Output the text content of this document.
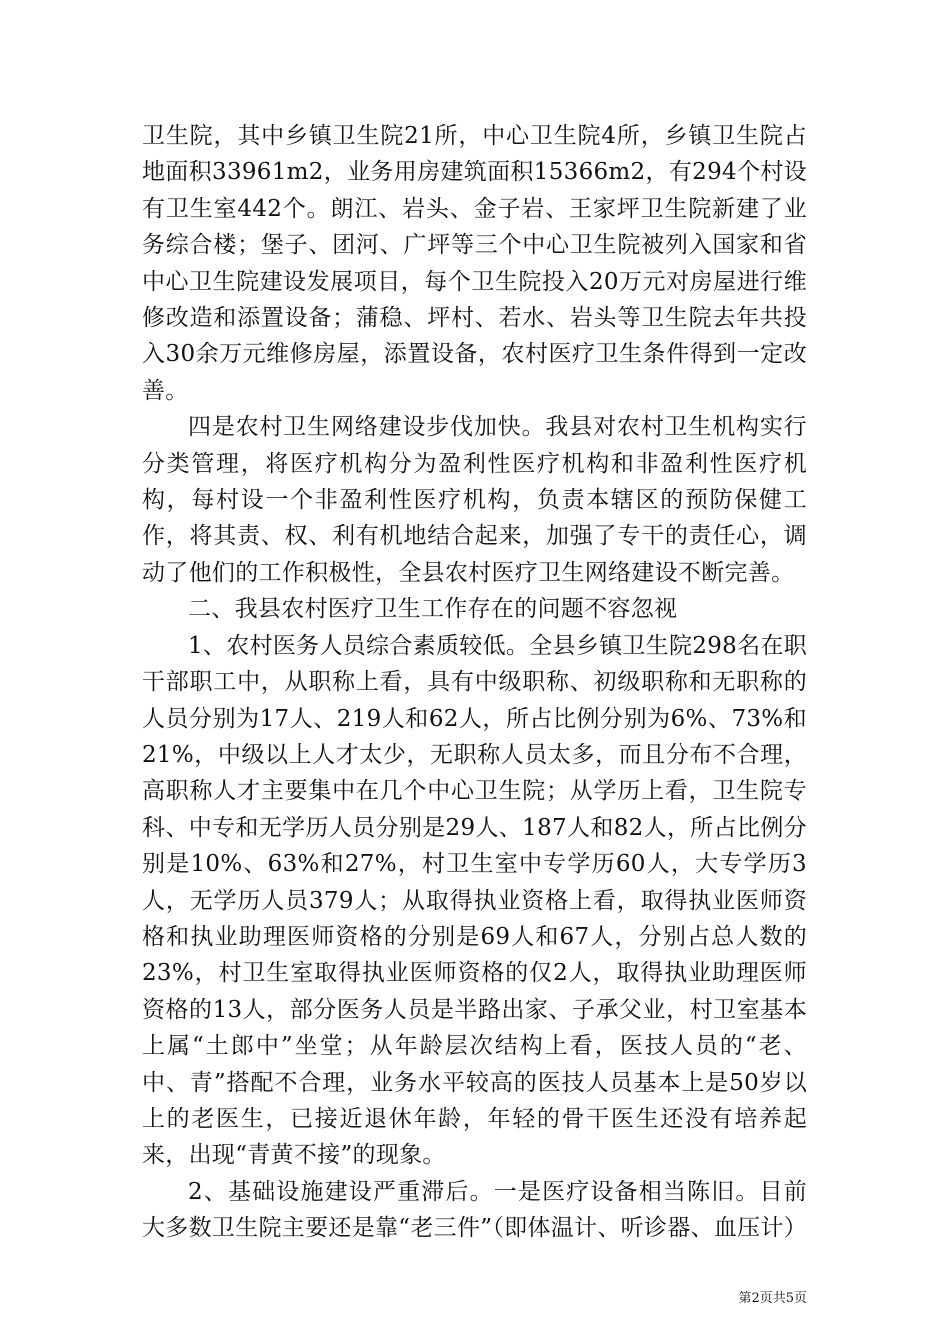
卫生院，其中乡镇卫生院21所，中心卫生院4所，乡镇卫生院占地面积33961m2，业务用房建筑面积15366m2，有294个村设有卫生室442个。朗江、岩头、金子岩、王家坪卫生院新建了业务综合楼；堡子、团河、广坪等三个中心卫生院被列入国家和省中心卫生院建设发展项目，每个卫生院投入20万元对房屋进行维修改造和添置设备；蒲稳、坪村、若水、岩头等卫生院去年共投入30余万元维修房屋，添置设备，农村医疗卫生条件得到一定改善。

四是农村卫生网络建设步伐加快。我县对农村卫生机构实行分类管理，将医疗机构分为盈利性医疗机构和非盈利性医疗机构，每村设一个非盈利性医疗机构，负责本辖区的预防保健工作，将其责、权、利有机地结合起来，加强了专干的责任心，调动了他们的工作积极性，全县农村医疗卫生网络建设不断完善。

二、我县农村医疗卫生工作存在的问题不容忽视

1、农村医务人员综合素质较低。全县乡镇卫生院298名在职干部职工中，从职称上看，具有中级职称、初级职称和无职称的人员分别为17人、219人和62人，所占比例分别为6%、73%和21%，中级以上人才太少，无职称人员太多，而且分布不合理，高职称人才主要集中在几个中心卫生院；从学历上看，卫生院专科、中专和无学历人员分别是29人、187人和82人，所占比例分别是10%、63%和27%，村卫生室中专学历60人，大专学历3人，无学历人员379人；从取得执业资格上看，取得执业医师资格和执业助理医师资格的分别是69人和67人，分别占总人数的23%，村卫生室取得执业医师资格的仅2人，取得执业助理医师资格的13人，部分医务人员是半路出家、子承父业，村卫室基本上属“土郎中”坐堂；从年龄层次结构上看，医技人员的“老、中、青”搭配不合理，业务水平较高的医技人员基本上是50岁以上的老医生，已接近退休年龄，年轻的骨干医生还没有培养起来，出现“青黄不接”的现象。

2、基础设施建设严重滞后。一是医疗设备相当陈旧。目前大多数卫生院主要还是靠“老三件”（即体温计、听诊器、血压计）

第2页共5页
